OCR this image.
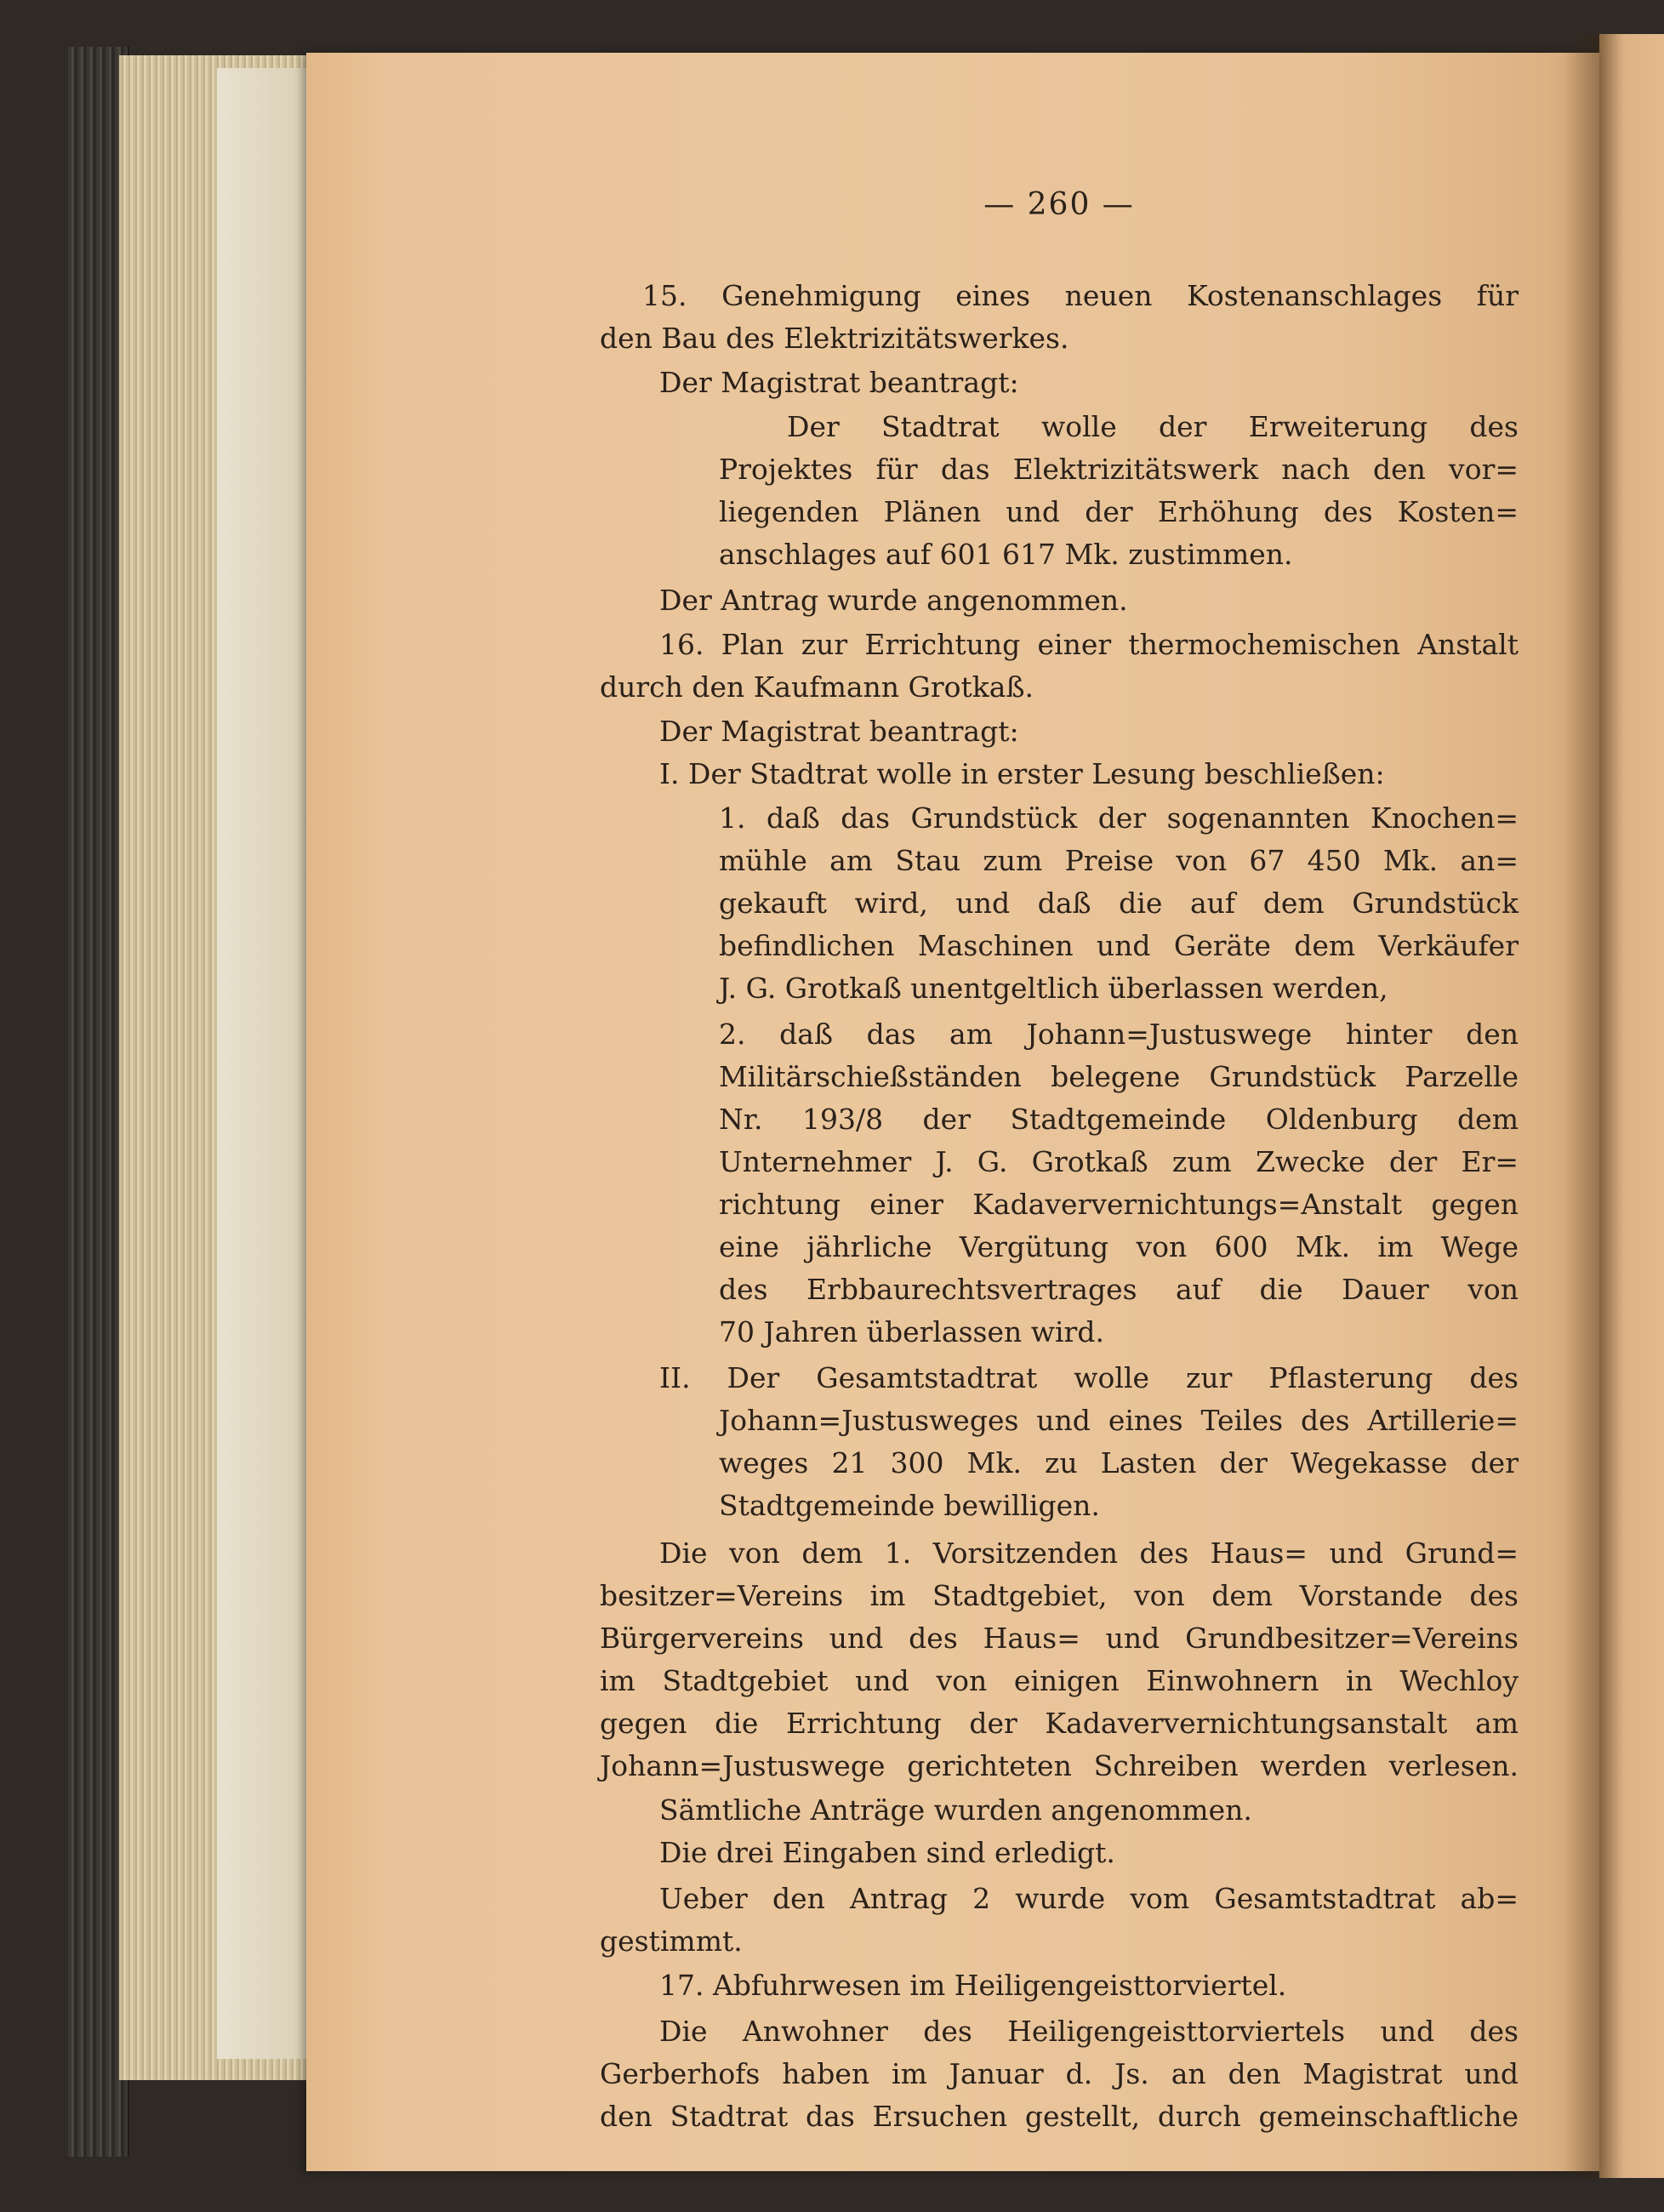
— 260 —
15. Genehmigung eines neuen Kostenanschlages für
den Bau des Elektrizitätswerkes.
Der Magistrat beantragt:
Der Stadtrat wolle der Erweiterung des
Projektes für das Elektrizitätswerk nach den vor=
liegenden Plänen und der Erhöhung des Kosten=
anschlages auf 601 617 Mk. zustimmen.
Der Antrag wurde angenommen.
16. Plan zur Errichtung einer thermochemischen Anstalt
durch den Kaufmann Grotkaß.
Der Magistrat beantragt:
I. Der Stadtrat wolle in erster Lesung beschließen:
1. daß das Grundstück der sogenannten Knochen=
mühle am Stau zum Preise von 67 450 Mk. an=
gekauft wird, und daß die auf dem Grundstück
befindlichen Maschinen und Geräte dem Verkäufer
J. G. Grotkaß unentgeltlich überlassen werden,
2. daß das am Johann=Justuswege hinter den
Militärschießständen belegene Grundstück Parzelle
Nr. 193/8 der Stadtgemeinde Oldenburg dem
Unternehmer J. G. Grotkaß zum Zwecke der Er=
richtung einer Kadaververnichtungs=Anstalt gegen
eine jährliche Vergütung von 600 Mk. im Wege
des Erbbaurechtsvertrages auf die Dauer von
70 Jahren überlassen wird.
II. Der Gesamtstadtrat wolle zur Pflasterung des
Johann=Justusweges und eines Teiles des Artillerie=
weges 21 300 Mk. zu Lasten der Wegekasse der
Stadtgemeinde bewilligen.
Die von dem 1. Vorsitzenden des Haus= und Grund=
besitzer=Vereins im Stadtgebiet, von dem Vorstande des
Bürgervereins und des Haus= und Grundbesitzer=Vereins
im Stadtgebiet und von einigen Einwohnern in Wechloy
gegen die Errichtung der Kadaververnichtungsanstalt am
Johann=Justuswege gerichteten Schreiben werden verlesen.
Sämtliche Anträge wurden angenommen.
Die drei Eingaben sind erledigt.
Ueber den Antrag 2 wurde vom Gesamtstadtrat ab=
gestimmt.
17. Abfuhrwesen im Heiligengeisttorviertel.
Die Anwohner des Heiligengeisttorviertels und des
Gerberhofs haben im Januar d. Js. an den Magistrat und
den Stadtrat das Ersuchen gestellt, durch gemeinschaftliche
